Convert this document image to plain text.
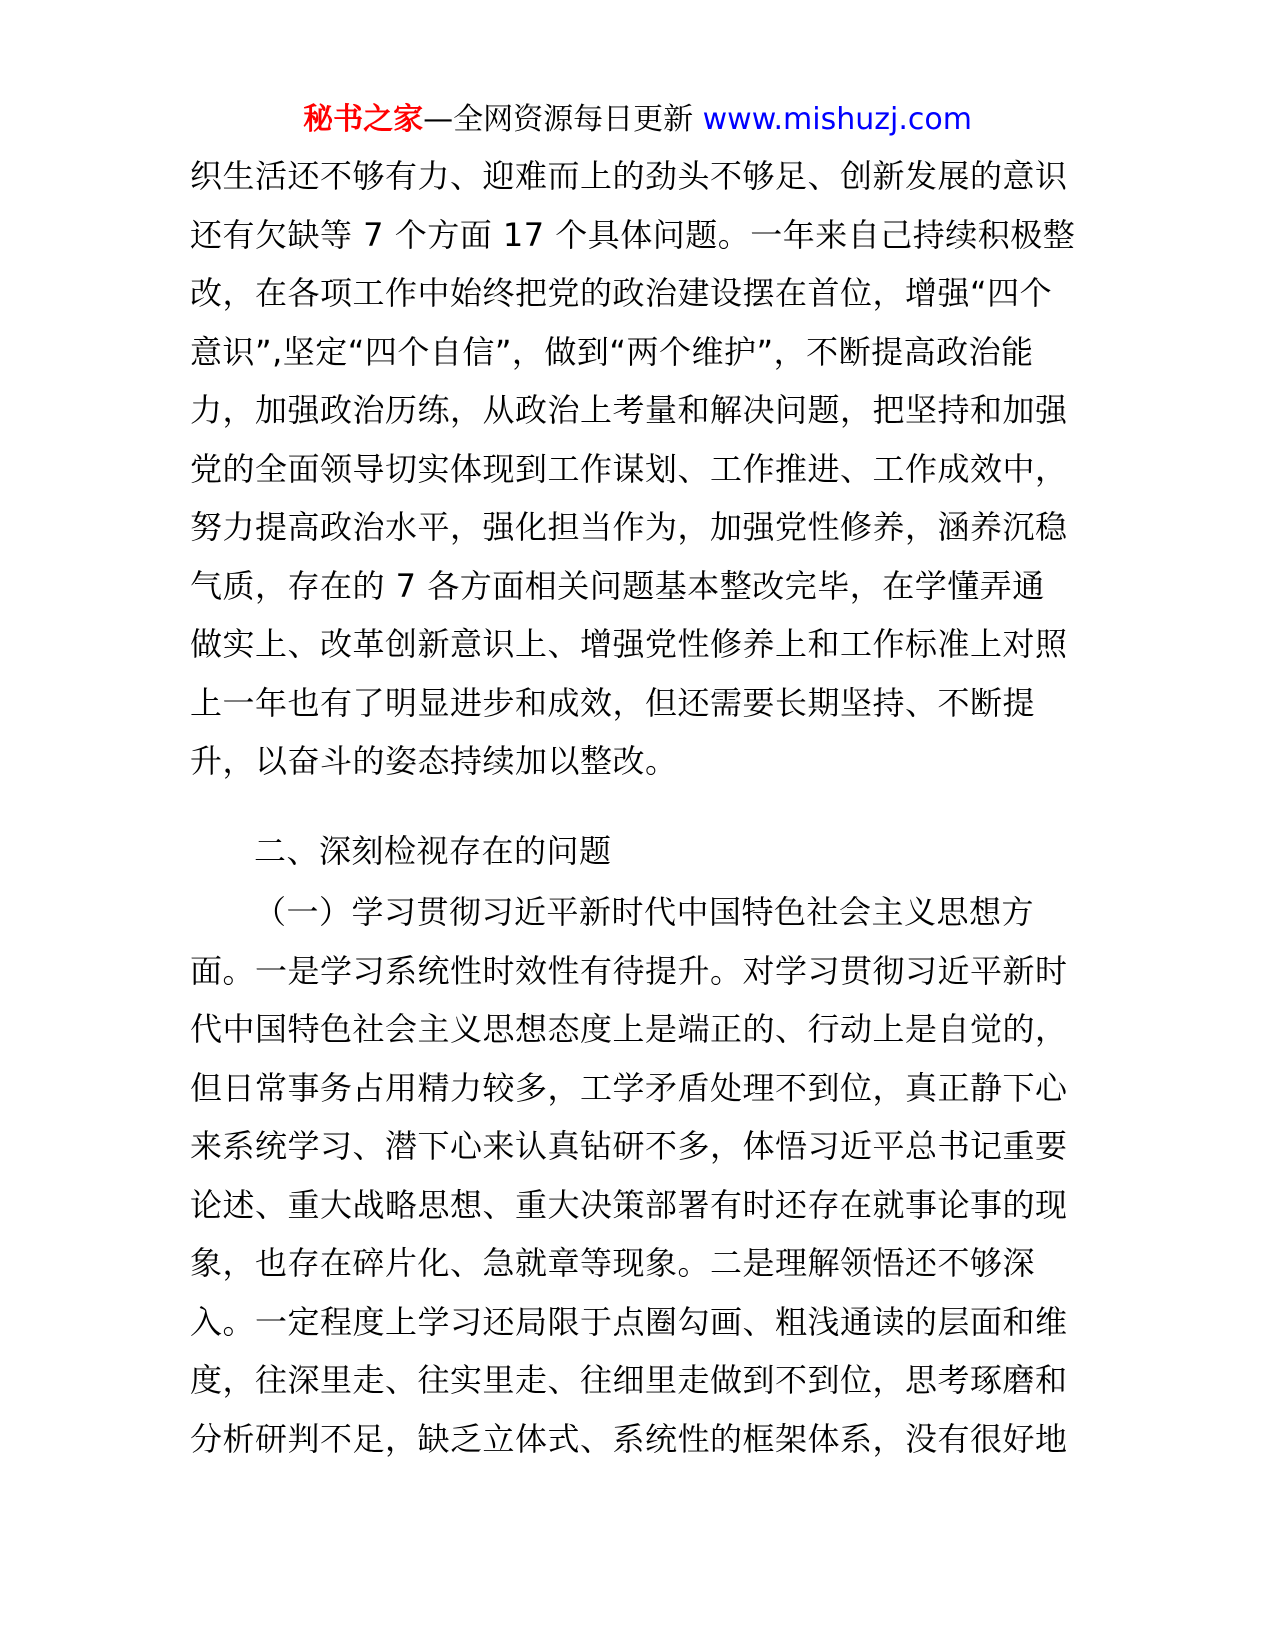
秘书之家—全网资源每日更新 www.mishuzj.com
织生活还不够有力、迎难而上的劲头不够足、创新发展的意识
还有欠缺等 7 个方面 17 个具体问题。一年来自己持续积极整
改，在各项工作中始终把党的政治建设摆在首位，增强“四个
意识”,坚定“四个自信”，做到“两个维护”，不断提高政治能
力，加强政治历练，从政治上考量和解决问题，把坚持和加强
党的全面领导切实体现到工作谋划、工作推进、工作成效中，
努力提高政治水平，强化担当作为，加强党性修养，涵养沉稳
气质，存在的 7 各方面相关问题基本整改完毕，在学懂弄通
做实上、改革创新意识上、增强党性修养上和工作标准上对照
上一年也有了明显进步和成效，但还需要长期坚持、不断提
升，以奋斗的姿态持续加以整改。
二、深刻检视存在的问题
（一）学习贯彻习近平新时代中国特色社会主义思想方
面。一是学习系统性时效性有待提升。对学习贯彻习近平新时
代中国特色社会主义思想态度上是端正的、行动上是自觉的，
但日常事务占用精力较多，工学矛盾处理不到位，真正静下心
来系统学习、潜下心来认真钻研不多，体悟习近平总书记重要
论述、重大战略思想、重大决策部署有时还存在就事论事的现
象，也存在碎片化、急就章等现象。二是理解领悟还不够深
入。一定程度上学习还局限于点圈勾画、粗浅通读的层面和维
度，往深里走、往实里走、往细里走做到不到位，思考琢磨和
分析研判不足，缺乏立体式、系统性的框架体系，没有很好地
